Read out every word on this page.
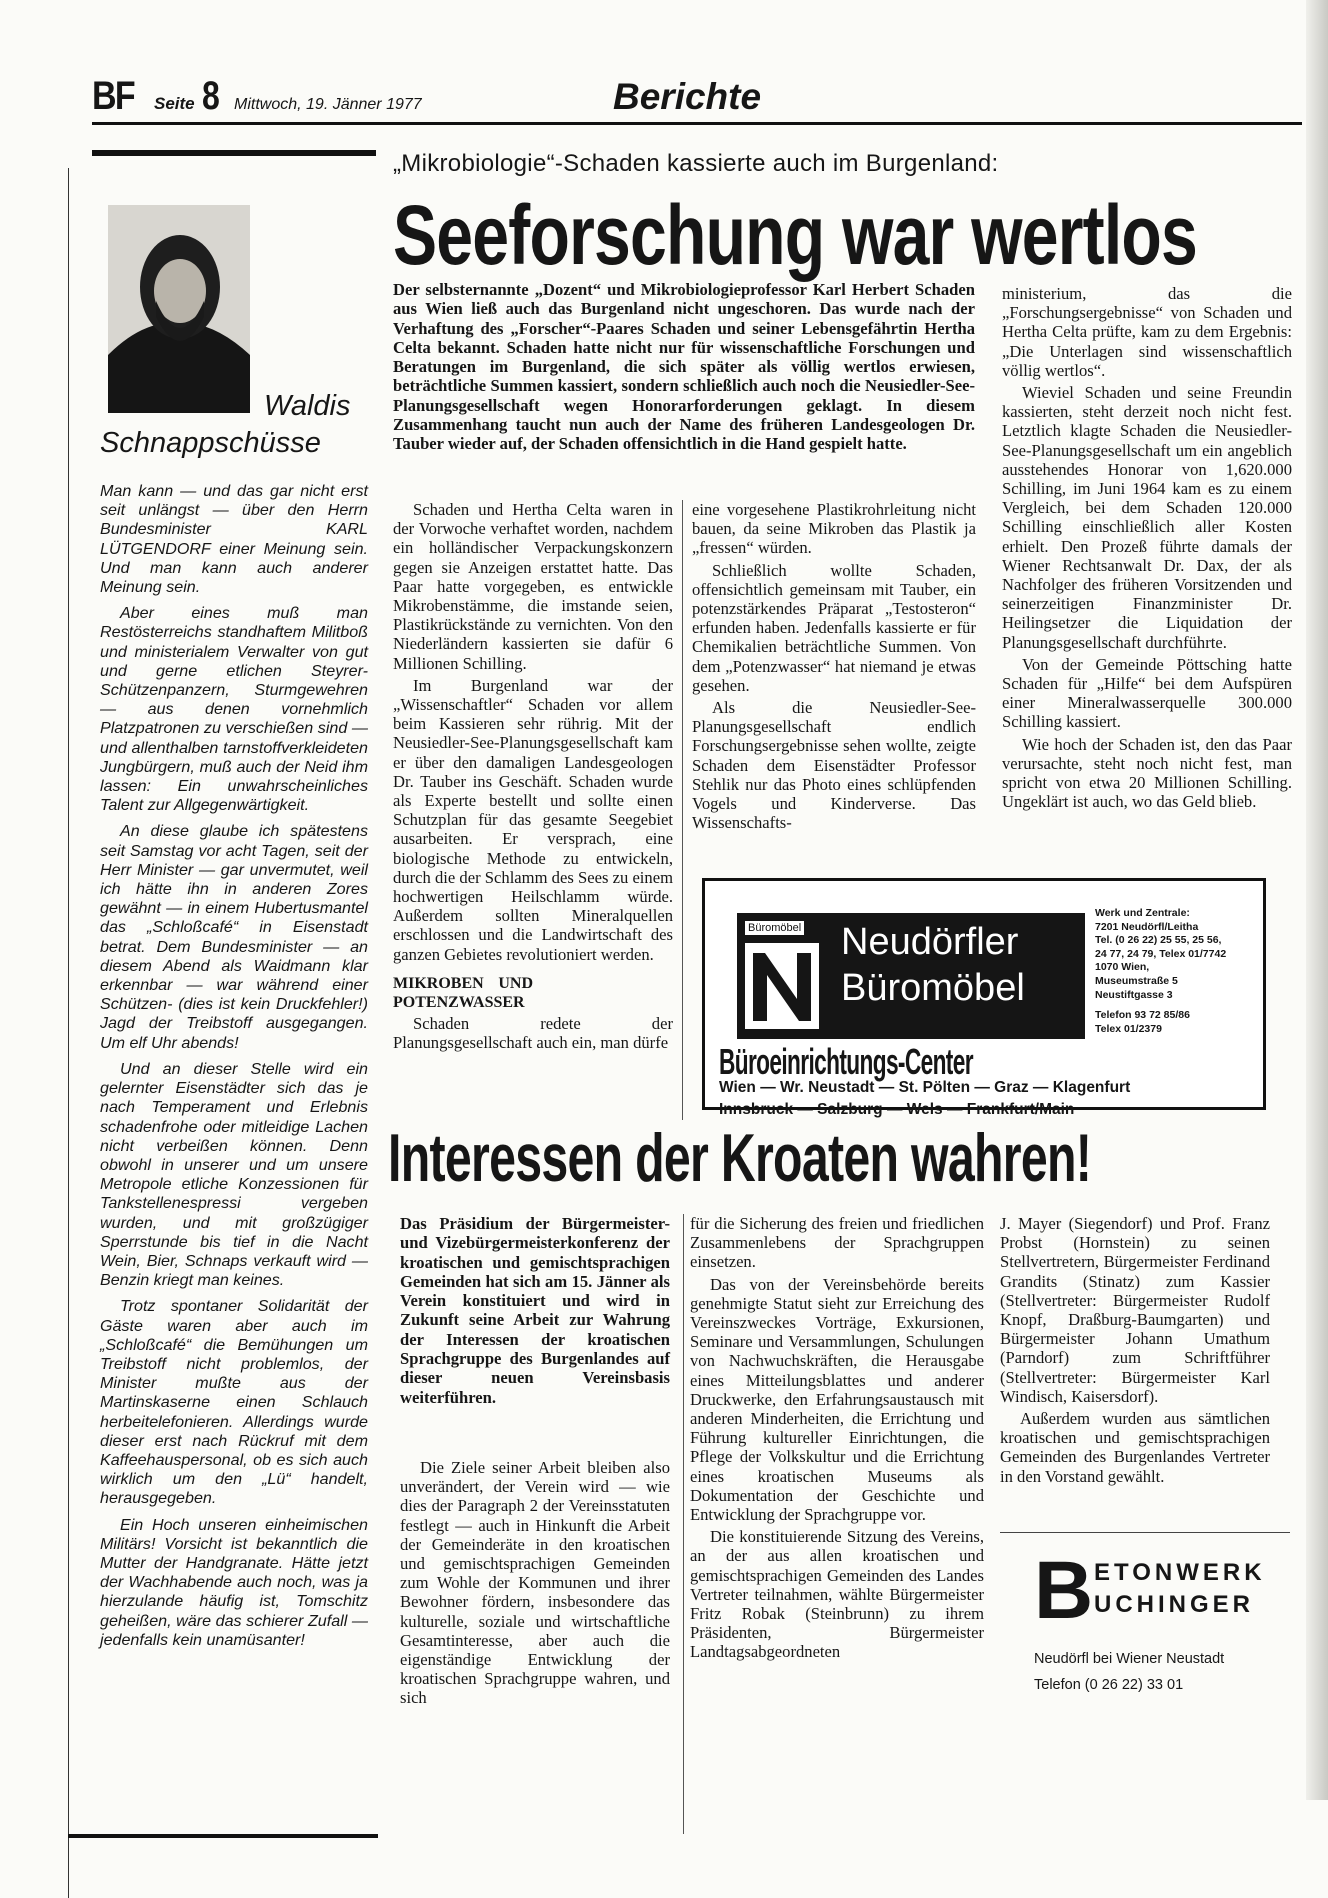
BF Seite 8 Mittwoch, 19. Jänner 1977	Berichte
Waldis
Schnappschüsse

Man kann — und das gar nicht erst seit unlängst — über den Herrn Bundesminister KARL LÜTGENDORF einer Meinung sein. Und man kann auch anderer Meinung sein.

Aber eines muß man Restösterreichs standhaftem Militboß und ministerialem Verwalter von gut und gerne etlichen Steyrer-Schützenpanzern, Sturmgewehren — aus denen vornehmlich Platzpatronen zu verschießen sind — und allenthalben tarnstoffverkleideten Jungbürgern, muß auch der Neid ihm lassen: Ein unwahrscheinliches Talent zur Allgegenwärtigkeit.

An diese glaube ich spätestens seit Samstag vor acht Tagen, seit der Herr Minister — gar unvermutet, weil ich hätte ihn in anderen Zores gewähnt — in einem Hubertusmantel das „Schloßcafé“ in Eisenstadt betrat. Dem Bundesminister — an diesem Abend als Waidmann klar erkennbar — war während einer Schützen- (dies ist kein Druckfehler!) Jagd der Treibstoff ausgegangen. Um elf Uhr abends!

Und an dieser Stelle wird ein gelernter Eisenstädter sich das je nach Temperament und Erlebnis schadenfrohe oder mitleidige Lachen nicht verbeißen können. Denn obwohl in unserer und um unsere Metropole etliche Konzessionen für Tankstellenespressi vergeben wurden, und mit großzügiger Sperrstunde bis tief in die Nacht Wein, Bier, Schnaps verkauft wird — Benzin kriegt man keines.

Trotz spontaner Solidarität der Gäste waren aber auch im „Schloßcafé“ die Bemühungen um Treibstoff nicht problemlos, der Minister mußte aus der Martinskaserne einen Schlauch herbeitelefonieren. Allerdings wurde dieser erst nach Rückruf mit dem Kaffeehauspersonal, ob es sich auch wirklich um den „Lü“ handelt, herausgegeben.

Ein Hoch unseren einheimischen Militärs! Vorsicht ist bekanntlich die Mutter der Handgranate. Hätte jetzt der Wachhabende auch noch, was ja hierzulande häufig ist, Tomschitz geheißen, wäre das schierer Zufall — jedenfalls kein unamüsanter!

„Mikrobiologie“-Schaden kassierte auch im Burgenland:
Seeforschung war wertlos
Der selbsternannte „Dozent“ und Mikrobiologieprofessor Karl Herbert Schaden aus Wien ließ auch das Burgenland nicht ungeschoren. Das wurde nach der Verhaftung des „Forscher“-Paares Schaden und seiner Lebensgefährtin Hertha Celta bekannt. Schaden hatte nicht nur für wissenschaftliche Forschungen und Beratungen im Burgenland, die sich später als völlig wertlos erwiesen, beträchtliche Summen kassiert, sondern schließlich auch noch die Neusiedler-See-Planungsgesellschaft wegen Honorarforderungen geklagt. In diesem Zusammenhang taucht nun auch der Name des früheren Landesgeologen Dr. Tauber wieder auf, der Schaden offensichtlich in die Hand gespielt hatte.

Schaden und Hertha Celta waren in der Vorwoche verhaftet worden, nachdem ein holländischer Verpackungskonzern gegen sie Anzeigen erstattet hatte. Das Paar hatte vorgegeben, es entwickle Mikrobenstämme, die imstande seien, Plastikrückstände zu vernichten. Von den Niederländern kassierten sie dafür 6 Millionen Schilling.

Im Burgenland war der „Wissenschaftler“ Schaden vor allem beim Kassieren sehr rührig. Mit der Neusiedler-See-Planungsgesellschaft kam er über den damaligen Landesgeologen Dr. Tauber ins Geschäft. Schaden wurde als Experte bestellt und sollte einen Schutzplan für das gesamte Seegebiet ausarbeiten. Er versprach, eine biologische Methode zu entwickeln, durch die der Schlamm des Sees zu einem hochwertigen Heilschlamm würde. Außerdem sollten Mineralquellen erschlossen und die Landwirtschaft des ganzen Gebietes revolutioniert werden.

MIKROBEN UND POTENZWASSER

Schaden redete der Planungsgesellschaft auch ein, man dürfe

eine vorgesehene Plastikrohrleitung nicht bauen, da seine Mikroben das Plastik ja „fressen“ würden.

Schließlich wollte Schaden, offensichtlich gemeinsam mit Tauber, ein potenzstärkendes Präparat „Testosteron“ erfunden haben. Jedenfalls kassierte er für Chemikalien beträchtliche Summen. Von dem „Potenzwasser“ hat niemand je etwas gesehen.

Als die Neusiedler-See-Planungsgesellschaft endlich Forschungsergebnisse sehen wollte, zeigte Schaden dem Eisenstädter Professor Stehlik nur das Photo eines schlüpfenden Vogels und Kinderverse. Das Wissenschafts-

ministerium, das die „Forschungsergebnisse“ von Schaden und Hertha Celta prüfte, kam zu dem Ergebnis: „Die Unterlagen sind wissenschaftlich völlig wertlos“.

Wieviel Schaden und seine Freundin kassierten, steht derzeit noch nicht fest. Letztlich klagte Schaden die Neusiedler-See-Planungsgesellschaft um ein angeblich ausstehendes Honorar von 1,620.000 Schilling, im Juni 1964 kam es zu einem Vergleich, bei dem Schaden 120.000 Schilling einschließlich aller Kosten erhielt. Den Prozeß führte damals der Wiener Rechtsanwalt Dr. Dax, der als Nachfolger des früheren Vorsitzenden und seinerzeitigen Finanzminister Dr. Heilingsetzer die Liquidation der Planungsgesellschaft durchführte.

Von der Gemeinde Pöttsching hatte Schaden für „Hilfe“ bei dem Aufspüren einer Mineralwasserquelle 300.000 Schilling kassiert.

Wie hoch der Schaden ist, den das Paar verursachte, steht noch nicht fest, man spricht von etwa 20 Millionen Schilling. Ungeklärt ist auch, wo das Geld blieb.

Büromöbel Neudörfler
Büromöbel
Werk und Zentrale:
7201 Neudörfl/Leitha
Tel. (0 26 22) 25 55, 25 56,
24 77, 24 79, Telex 01/7742
1070 Wien,
Museumstraße 5
Neustiftgasse 3
Telefon 93 72 85/86
Telex 01/2379
Büroeinrichtungs-Center
Wien — Wr. Neustadt — St. Pölten — Graz — Klagenfurt
Innsbruck — Salzburg — Wels — Frankfurt/Main
Interessen der Kroaten wahren!
Das Präsidium der Bürgermeister- und Vizebürgermeisterkonferenz der kroatischen und gemischtsprachigen Gemeinden hat sich am 15. Jänner als Verein konstituiert und wird in Zukunft seine Arbeit zur Wahrung der Interessen der kroatischen Sprachgruppe des Burgenlandes auf dieser neuen Vereinsbasis weiterführen.

Die Ziele seiner Arbeit bleiben also unverändert, der Verein wird — wie dies der Paragraph 2 der Vereinsstatuten festlegt — auch in Hinkunft die Arbeit der Gemeinderäte in den kroatischen und gemischtsprachigen Gemeinden zum Wohle der Kommunen und ihrer Bewohner fördern, insbesondere das kulturelle, soziale und wirtschaftliche Gesamtinteresse, aber auch die eigenständige Entwicklung der kroatischen Sprachgruppe wahren, und sich

für die Sicherung des freien und friedlichen Zusammenlebens der Sprachgruppen einsetzen.

Das von der Vereinsbehörde bereits genehmigte Statut sieht zur Erreichung des Vereinszweckes Vorträge, Exkursionen, Seminare und Versammlungen, Schulungen von Nachwuchskräften, die Herausgabe eines Mitteilungsblattes und anderer Druckwerke, den Erfahrungsaustausch mit anderen Minderheiten, die Errichtung und Führung kultureller Einrichtungen, die Pflege der Volkskultur und die Errichtung eines kroatischen Museums als Dokumentation der Geschichte und Entwicklung der Sprachgruppe vor.

Die konstituierende Sitzung des Vereins, an der aus allen kroatischen und gemischtsprachigen Gemeinden des Landes Vertreter teilnahmen, wählte Bürgermeister Fritz Robak (Steinbrunn) zu ihrem Präsidenten, Bürgermeister Landtagsabgeordneten

J. Mayer (Siegendorf) und Prof. Franz Probst (Hornstein) zu seinen Stellvertretern, Bürgermeister Ferdinand Grandits (Stinatz) zum Kassier (Stellvertreter: Bürgermeister Rudolf Knopf, Draßburg-Baumgarten) und Bürgermeister Johann Umathum (Parndorf) zum Schriftführer (Stellvertreter: Bürgermeister Karl Windisch, Kaisersdorf).

Außerdem wurden aus sämtlichen kroatischen und gemischtsprachigen Gemeinden des Burgenlandes Vertreter in den Vorstand gewählt.

B ETONWERK
UCHINGER
Neudörfl bei Wiener Neustadt
Telefon (0 26 22) 33 01
